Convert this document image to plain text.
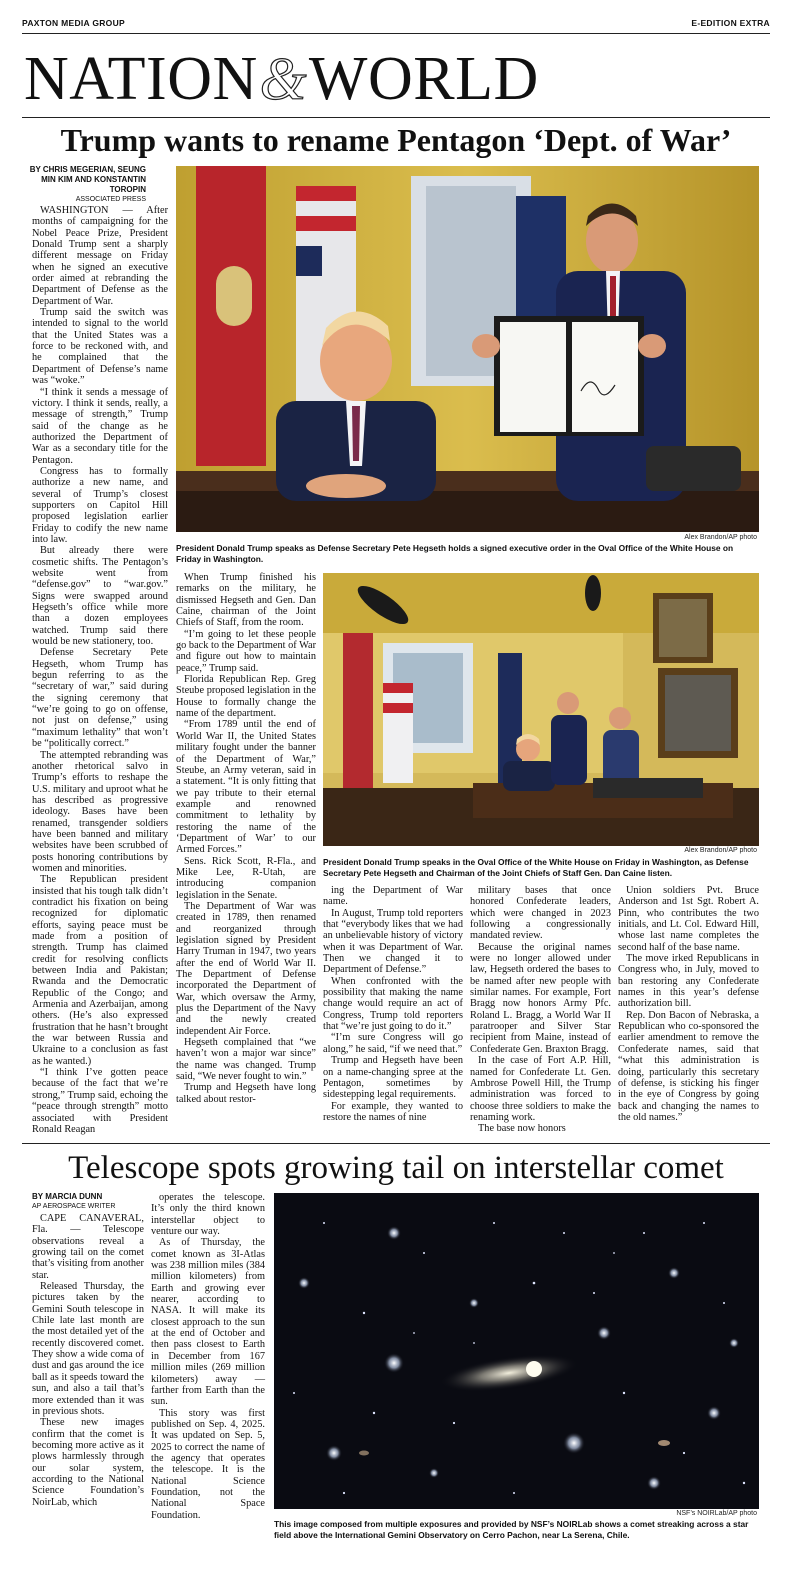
PAXTON MEDIA GROUP	E-EDITION EXTRA
NATION&WORLD
Trump wants to rename Pentagon ‘Dept. of War’
BY CHRIS MEGERIAN, SEUNG MIN KIM AND KONSTANTIN TOROPIN
ASSOCIATED PRESS

WASHINGTON — After months of campaigning for the Nobel Peace Prize, President Donald Trump sent a sharply different message on Friday when he signed an executive order aimed at rebranding the Department of Defense as the Department of War.

Trump said the switch was intended to signal to the world that the United States was a force to be reckoned with, and he complained that the Department of Defense’s name was “woke.”

“I think it sends a message of victory. I think it sends, really, a message of strength,” Trump said of the change as he authorized the Department of War as a secondary title for the Pentagon.

Congress has to formally authorize a new name, and several of Trump’s closest supporters on Capitol Hill proposed legislation earlier Friday to codify the new name into law.

But already there were cosmetic shifts. The Pentagon’s website went from “defense.gov” to “war.gov.” Signs were swapped around Hegseth’s office while more than a dozen employees watched. Trump said there would be new stationery, too.

Defense Secretary Pete Hegseth, whom Trump has begun referring to as the “secretary of war,” said during the signing ceremony that “we’re going to go on offense, not just on defense,” using “maximum lethality” that won’t be “politically correct.”

The attempted rebranding was another rhetorical salvo in Trump’s efforts to reshape the U.S. military and uproot what he has described as progressive ideology. Bases have been renamed, transgender soldiers have been banned and military websites have been scrubbed of posts honoring contributions by women and minorities.

The Republican president insisted that his tough talk didn’t contradict his fixation on being recognized for diplomatic efforts, saying peace must be made from a position of strength. Trump has claimed credit for resolving conflicts between India and Pakistan; Rwanda and the Democratic Republic of the Congo; and Armenia and Azerbaijan, among others. (He’s also expressed frustration that he hasn’t brought the war between Russia and Ukraine to a conclusion as fast as he wanted.)

“I think I’ve gotten peace because of the fact that we’re strong,” Trump said, echoing the “peace through strength” motto associated with President Ronald Reagan

Alex Brandon/AP photo
President Donald Trump speaks as Defense Secretary Pete Hegseth holds a signed executive order in the Oval Office of the White House on Friday in Washington.

When Trump finished his remarks on the military, he dismissed Hegseth and Gen. Dan Caine, chairman of the Joint Chiefs of Staff, from the room.

“I’m going to let these people go back to the Department of War and figure out how to maintain peace,” Trump said.

Florida Republican Rep. Greg Steube proposed legislation in the House to formally change the name of the department.

“From 1789 until the end of World War II, the United States military fought under the banner of the Department of War,” Steube, an Army veteran, said in a statement. “It is only fitting that we pay tribute to their eternal example and renowned commitment to lethality by restoring the name of the ‘Department of War’ to our Armed Forces.”

Sens. Rick Scott, R-Fla., and Mike Lee, R-Utah, are introducing companion legislation in the Senate.

The Department of War was created in 1789, then renamed and reorganized through legislation signed by President Harry Truman in 1947, two years after the end of World War II. The Department of Defense incorporated the Department of War, which oversaw the Army, plus the Department of the Navy and the newly created independent Air Force.

Hegseth complained that “we haven’t won a major war since” the name was changed. Trump said, “We never fought to win.”

Trump and Hegseth have long talked about restor-

Alex Brandon/AP photo
President Donald Trump speaks in the Oval Office of the White House on Friday in Washington, as Defense Secretary Pete Hegseth and Chairman of the Joint Chiefs of Staff Gen. Dan Caine listen.

ing the Department of War name.

In August, Trump told reporters that “everybody likes that we had an unbelievable history of victory when it was Department of War. Then we changed it to Department of Defense.”

When confronted with the possibility that making the name change would require an act of Congress, Trump told reporters that “we’re just going to do it.”

“I’m sure Congress will go along,” he said, “if we need that.”

Trump and Hegseth have been on a name-changing spree at the Pentagon, sometimes by sidestepping legal requirements.

For example, they wanted to restore the names of nine

military bases that once honored Confederate leaders, which were changed in 2023 following a congressionally mandated review.

Because the original names were no longer allowed under law, Hegseth ordered the bases to be named after new people with similar names. For example, Fort Bragg now honors Army Pfc. Roland L. Bragg, a World War II paratrooper and Silver Star recipient from Maine, instead of Confederate Gen. Braxton Bragg.

In the case of Fort A.P. Hill, named for Confederate Lt. Gen. Ambrose Powell Hill, the Trump administration was forced to choose three soldiers to make the renaming work.

The base now honors

Union soldiers Pvt. Bruce Anderson and 1st Sgt. Robert A. Pinn, who contributes the two initials, and Lt. Col. Edward Hill, whose last name completes the second half of the base name.

The move irked Republicans in Congress who, in July, moved to ban restoring any Confederate names in this year’s defense authorization bill.

Rep. Don Bacon of Nebraska, a Republican who co-sponsored the earlier amendment to remove the Confederate names, said that “what this administration is doing, particularly this secretary of defense, is sticking his finger in the eye of Congress by going back and changing the names to the old names.”

Telescope spots growing tail on interstellar comet
BY MARCIA DUNN
AP AEROSPACE WRITER

CAPE CANAVERAL, Fla. — Telescope observations reveal a growing tail on the comet that’s visiting from another star.

Released Thursday, the pictures taken by the Gemini South telescope in Chile late last month are the most detailed yet of the recently discovered comet. They show a wide coma of dust and gas around the ice ball as it speeds toward the sun, and also a tail that’s more extended than it was in previous shots.

These new images confirm that the comet is becoming more active as it plows harmlessly through our solar system, according to the National Science Foundation’s NoirLab, which

operates the telescope. It’s only the third known interstellar object to venture our way.

As of Thursday, the comet known as 3I-Atlas was 238 million miles (384 million kilometers) from Earth and growing ever nearer, according to NASA. It will make its closest approach to the sun at the end of October and then pass closest to Earth in December from 167 million miles (269 million kilometers) away — farther from Earth than the sun.

This story was first published on Sep. 4, 2025. It was updated on Sep. 5, 2025 to correct the name of the agency that operates the telescope. It is the National Science Foundation, not the National Space Foundation.	NSF’s NOIRLab/AP photo
This image composed from multiple exposures and provided by NSF’s NOIRLab shows a comet streaking across a star field above the International Gemini Observatory on Cerro Pachon, near La Serena, Chile.
